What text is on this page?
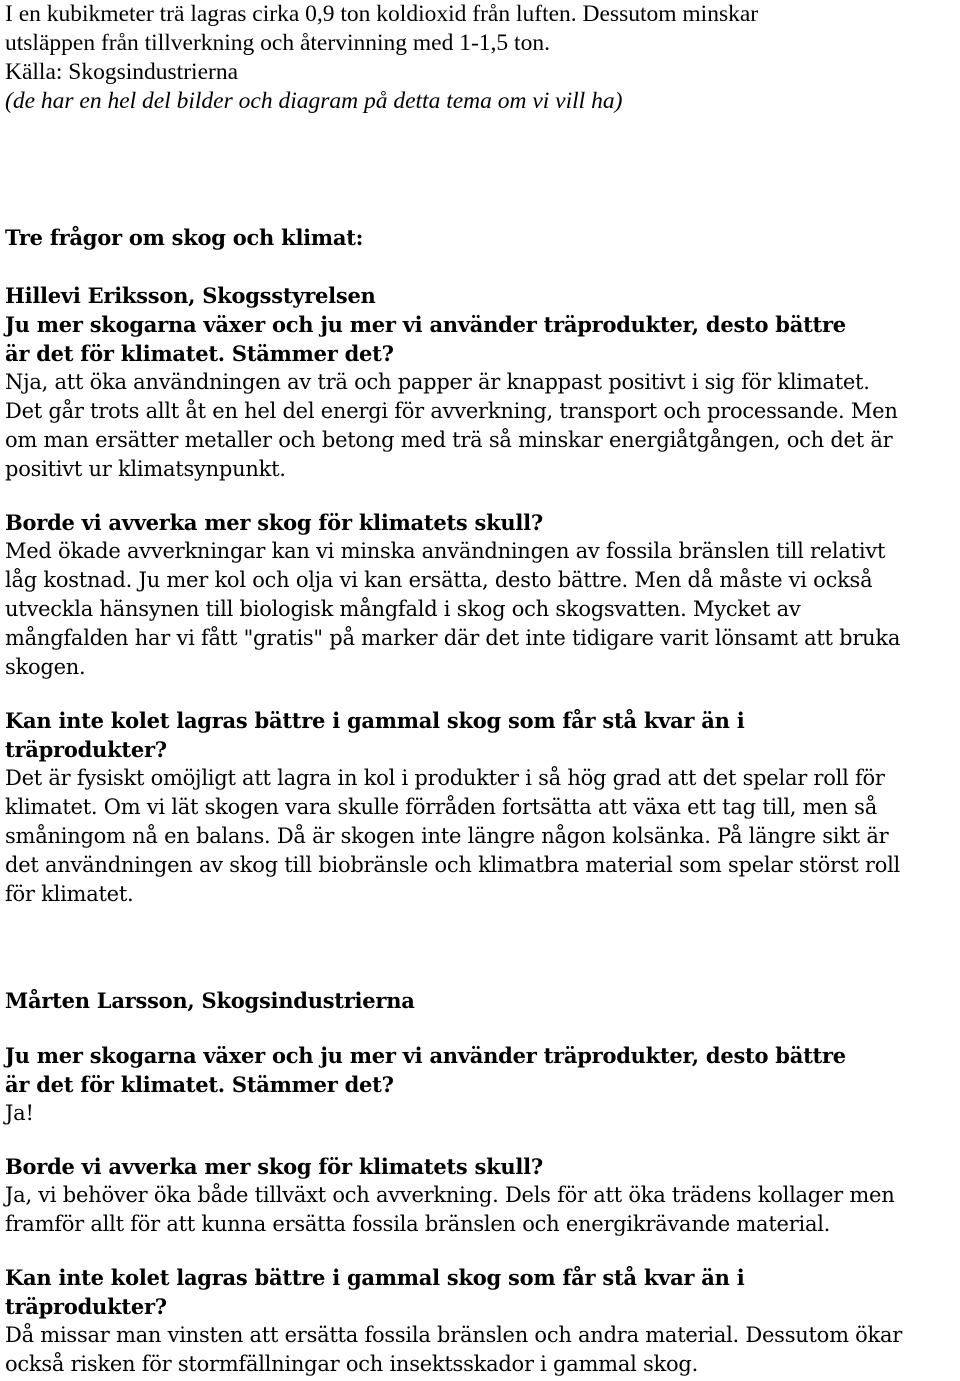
I en kubikmeter trä lagras cirka 0,9 ton koldioxid från luften. Dessutom minskar
utsläppen från tillverkning och återvinning med 1-1,5 ton.
Källa: Skogsindustrierna
(de har en hel del bilder och diagram på detta tema om vi vill ha)
Tre frågor om skog och klimat:
Hillevi Eriksson, Skogsstyrelsen
Ju mer skogarna växer och ju mer vi använder träprodukter, desto bättre
är det för klimatet. Stämmer det?
Nja, att öka användningen av trä och papper är knappast positivt i sig för klimatet.
Det går trots allt åt en hel del energi för avverkning, transport och processande. Men
om man ersätter metaller och betong med trä så minskar energiåtgången, och det är
positivt ur klimatsynpunkt.
Borde vi avverka mer skog för klimatets skull?
Med ökade avverkningar kan vi minska användningen av fossila bränslen till relativt
låg kostnad. Ju mer kol och olja vi kan ersätta, desto bättre. Men då måste vi också
utveckla hänsynen till biologisk mångfald i skog och skogsvatten. Mycket av
mångfalden har vi fått "gratis" på marker där det inte tidigare varit lönsamt att bruka
skogen.
Kan inte kolet lagras bättre i gammal skog som får stå kvar än i
träprodukter?
Det är fysiskt omöjligt att lagra in kol i produkter i så hög grad att det spelar roll för
klimatet. Om vi lät skogen vara skulle förråden fortsätta att växa ett tag till, men så
småningom nå en balans. Då är skogen inte längre någon kolsänka. På längre sikt är
det användningen av skog till biobränsle och klimatbra material som spelar störst roll
för klimatet.
Mårten Larsson, Skogsindustrierna
Ju mer skogarna växer och ju mer vi använder träprodukter, desto bättre
är det för klimatet. Stämmer det?
Ja!
Borde vi avverka mer skog för klimatets skull?
Ja, vi behöver öka både tillväxt och avverkning. Dels för att öka trädens kollager men
framför allt för att kunna ersätta fossila bränslen och energikrävande material.
Kan inte kolet lagras bättre i gammal skog som får stå kvar än i
träprodukter?
Då missar man vinsten att ersätta fossila bränslen och andra material. Dessutom ökar
också risken för stormfällningar och insektsskador i gammal skog.
